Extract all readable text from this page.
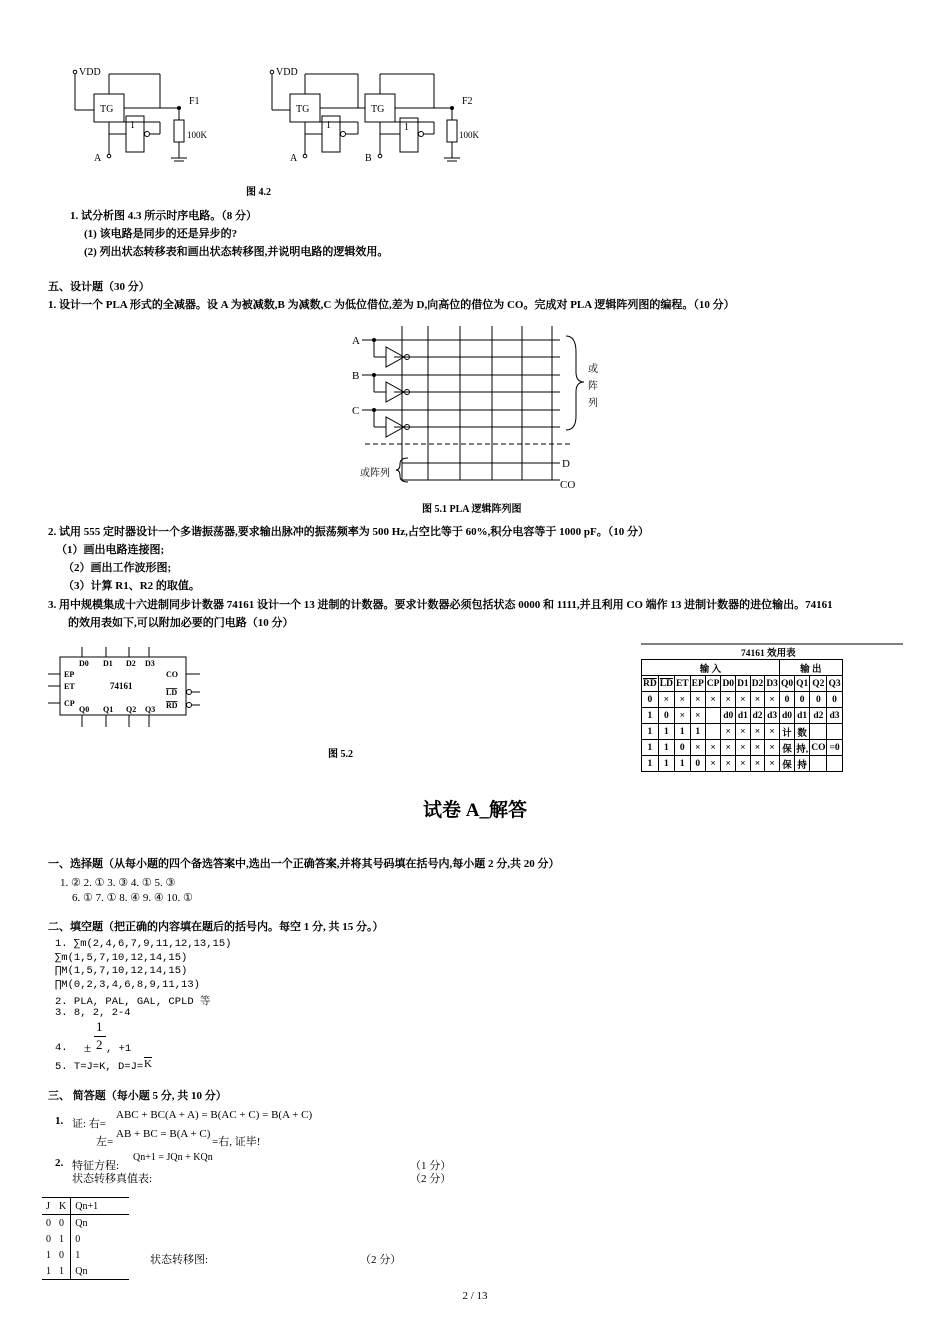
VDD
TG
1
F1
100K
A
VDD
TG
1
TG
1
F2
100K
A	B
图 4.2
1. 试分析图 4.3 所示时序电路。（8 分）
(1) 该电路是同步的还是异步的?
(2) 列出状态转移表和画出状态转移图,并说明电路的逻辑效用。
五、设计题（30 分）
1. 设计一个 PLA 形式的全减器。设 A 为被减数,B 为减数,C 为低位借位,差为 D,向高位的借位为 CO。完成对 PLA 逻辑阵列图的编程。（10 分）
A
B
C
或
阵
列
或阵列
D
CO
图 5.1 PLA 逻辑阵列图
2. 试用 555 定时器设计一个多谐振荡器,要求输出脉冲的振荡频率为 500 Hz,占空比等于 60%,积分电容等于 1000 pF。（10 分）
（1）画出电路连接图;
（2）画出工作波形图;
（3）计算 R1、R2 的取值。
3. 用中规模集成十六进制同步计数器 74161 设计一个 13 进制的计数器。要求计数器必须包括状态 0000 和 1111,并且利用 CO 端作 13 进制计数器的进位输出。74161
的效用表如下,可以附加必要的门电路（10 分）
D0 D1 D2 D3
Q0 Q1 Q2 Q3
EP
ET
CP
CO
LD
RD
74161
图 5.2
74161 效用表
输 入									输 出			
$\overline{RD}$	$\overline{LD}$	ET	EP	CP	D0	D1	D2	D3	Q0	Q1	Q2	Q3
0	×	×	×	×	×	×	×	×	0	0	0	0
1	0	×	×		d0	d1	d2	d3	d0	d1	d2	d3
1	1	1	1		×	×	×	×	计	数		
1	1	0	×	×	×	×	×	×	保	持,	CO	=0
1	1	1	0	×	×	×	×	×	保	持		
试卷 A_解答
一、选择题（从每小题的四个备选答案中,选出一个正确答案,并将其号码填在括号内,每小题 2 分,共 20 分）
1. ② 2. ① 3. ③ 4. ① 5. ③
6. ① 7. ① 8. ④ 9. ④ 10. ①
二、填空题（把正确的内容填在题后的括号内。每空 1 分, 共 15 分。）
1. ∑m(2,4,6,7,9,11,12,13,15)
∑m(1,5,7,10,12,14,15)
∏M(1,5,7,10,12,14,15)
∏M(0,2,3,4,6,8,9,11,13)
2. PLA, PAL, GAL, CPLD 等
3. 8, 2, 2-4
4. ±
1
2 , +1
5. T=J=K, $D=J= \overline{K}$
三、 简答题（每小题 5 分, 共 10 分）
1. 证: 右=
ABC + BC(A + A) = B(AC + C) = B(A + C)
左=
AB + BC = B(A + C)
=右, 证毕!
2. 特征方程:
Qn+1 = JQn + KQn
（1 分）
状态转移真值表:	（2 分）
J	K	Qn+1
0	0	Qn
0	1	0
1	0	1
1	1	Qn
状态转移图:	（2 分）
2 / 13
